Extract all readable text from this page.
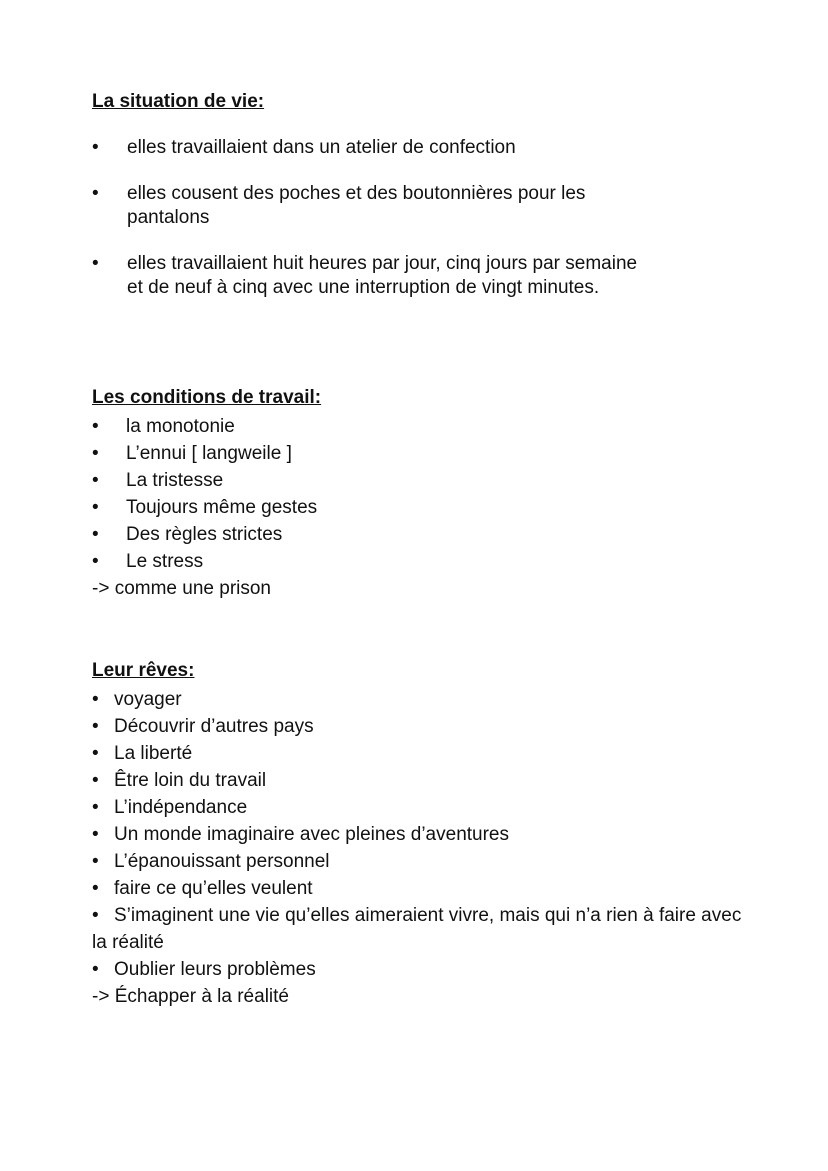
La situation de vie:
• elles travaillaient dans un atelier de confection
• elles cousent des poches et des boutonnières pour les pantalons
• elles travaillaient huit heures par jour, cinq jours par semaine et de neuf à cinq avec une interruption de vingt minutes.
Les conditions de travail:
• la monotonie
• L’ennui [ langweile ]
• La tristesse
• Toujours même gestes
• Des règles strictes
• Le stress

-> comme une prison

Leur rêves:
• voyager
• Découvrir d’autres pays
• La liberté
• Être loin du travail
• L’indépendance
• Un monde imaginaire avec pleines d’aventures
• L’épanouissant personnel
• faire ce qu’elles veulent
• S’imaginent une vie qu’elles aimeraient vivre, mais qui n’a rien à faire avec la réalité
• Oublier leurs problèmes

-> Échapper à la réalité
